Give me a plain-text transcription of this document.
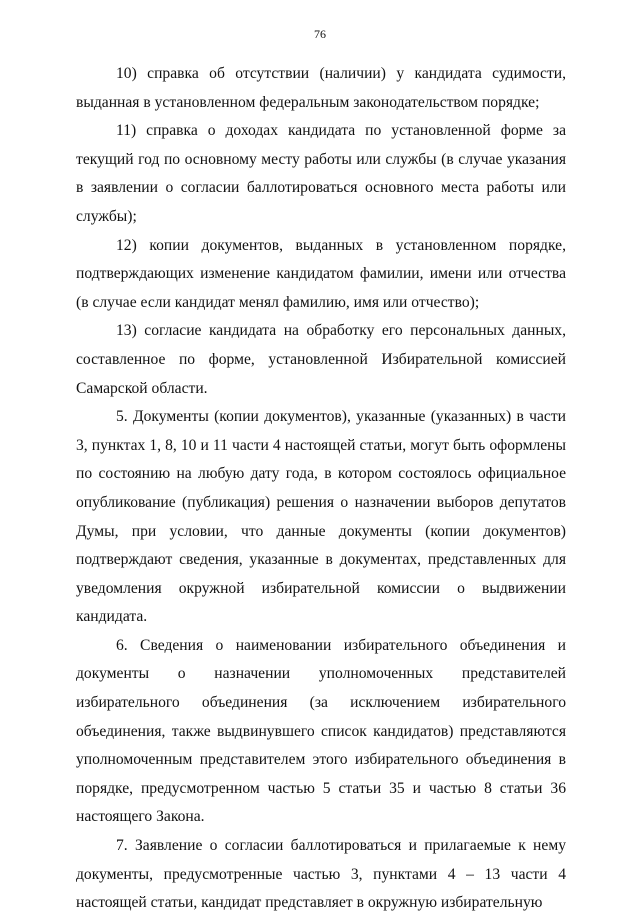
76

10) справка об отсутствии (наличии) у кандидата судимости, выданная в установленном федеральным законодательством порядке;

11) справка о доходах кандидата по установленной форме за текущий год по основному месту работы или службы (в случае указания в заявлении о согласии баллотироваться основного места работы или службы);

12) копии документов, выданных в установленном порядке, подтверждающих изменение кандидатом фамилии, имени или отчества (в случае если кандидат менял фамилию, имя или отчество);

13) согласие кандидата на обработку его персональных данных, составленное по форме, установленной Избирательной комиссией Самарской области.

5. Документы (копии документов), указанные (указанных) в части 3, пунктах 1, 8, 10 и 11 части 4 настоящей статьи, могут быть оформлены по состоянию на любую дату года, в котором состоялось официальное опубликование (публикация) решения о назначении выборов депутатов Думы, при условии, что данные документы (копии документов) подтверждают сведения, указанные в документах, представленных для уведомления окружной избирательной комиссии о выдвижении кандидата.

6. Сведения о наименовании избирательного объединения и документы о назначении уполномоченных представителей избирательного объединения (за исключением избирательного объединения, также выдвинувшего список кандидатов) представляются уполномоченным представителем этого избирательного объединения в порядке, предусмотренном частью 5 статьи 35 и частью 8 статьи 36 настоящего Закона.

7. Заявление о согласии баллотироваться и прилагаемые к нему документы, предусмотренные частью 3, пунктами 4 – 13 части 4 настоящей статьи, кандидат представляет в окружную избирательную
